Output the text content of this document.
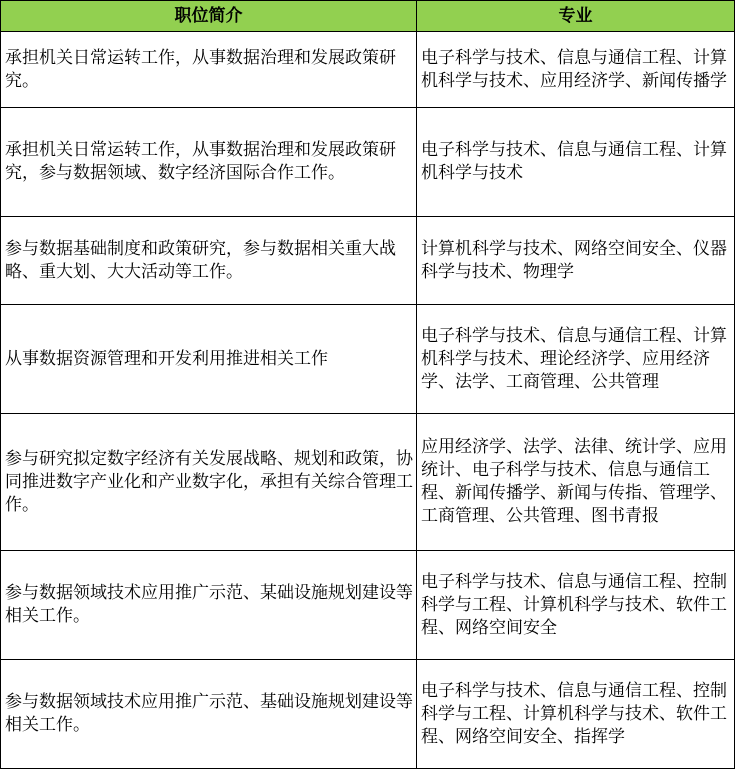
职位简介	专业
承担机关日常运转工作，从事数据治理和发展政策研究。	电子科学与技术、信息与通信工程、计算机科学与技术、应用经济学、新闻传播学
承担机关日常运转工作，从事数据治理和发展政策研究，参与数据领域、数字经济国际合作工作。	电子科学与技术、信息与通信工程、计算机科学与技术
参与数据基础制度和政策研究，参与数据相关重大战略、重大划、大大活动等工作。	计算机科学与技术、网络空间安全、仪器科学与技术、物理学
从事数据资源管理和开发利用推进相关工作	电子科学与技术、信息与通信工程、计算机科学与技术、理论经济学、应用经济学、法学、工商管理、公共管理
参与研究拟定数字经济有关发展战略、规划和政策，协同推进数字产业化和产业数字化，承担有关综合管理工作。	应用经济学、法学、法律、统计学、应用统计、电子科学与技术、信息与通信工程、新闻传播学、新闻与传指、管理学、工商管理、公共管理、图书青报
参与数据领域技术应用推广示范、某础设施规划建设等相关工作。	电子科学与技术、信息与通信工程、控制科学与工程、计算机科学与技术、软件工程、网络空间安全
参与数据领域技术应用推广示范、基础设施规划建设等相关工作。	电子科学与技术、信息与通信工程、控制科学与工程、计算机科学与技术、软件工程、网络空间安全、指挥学
